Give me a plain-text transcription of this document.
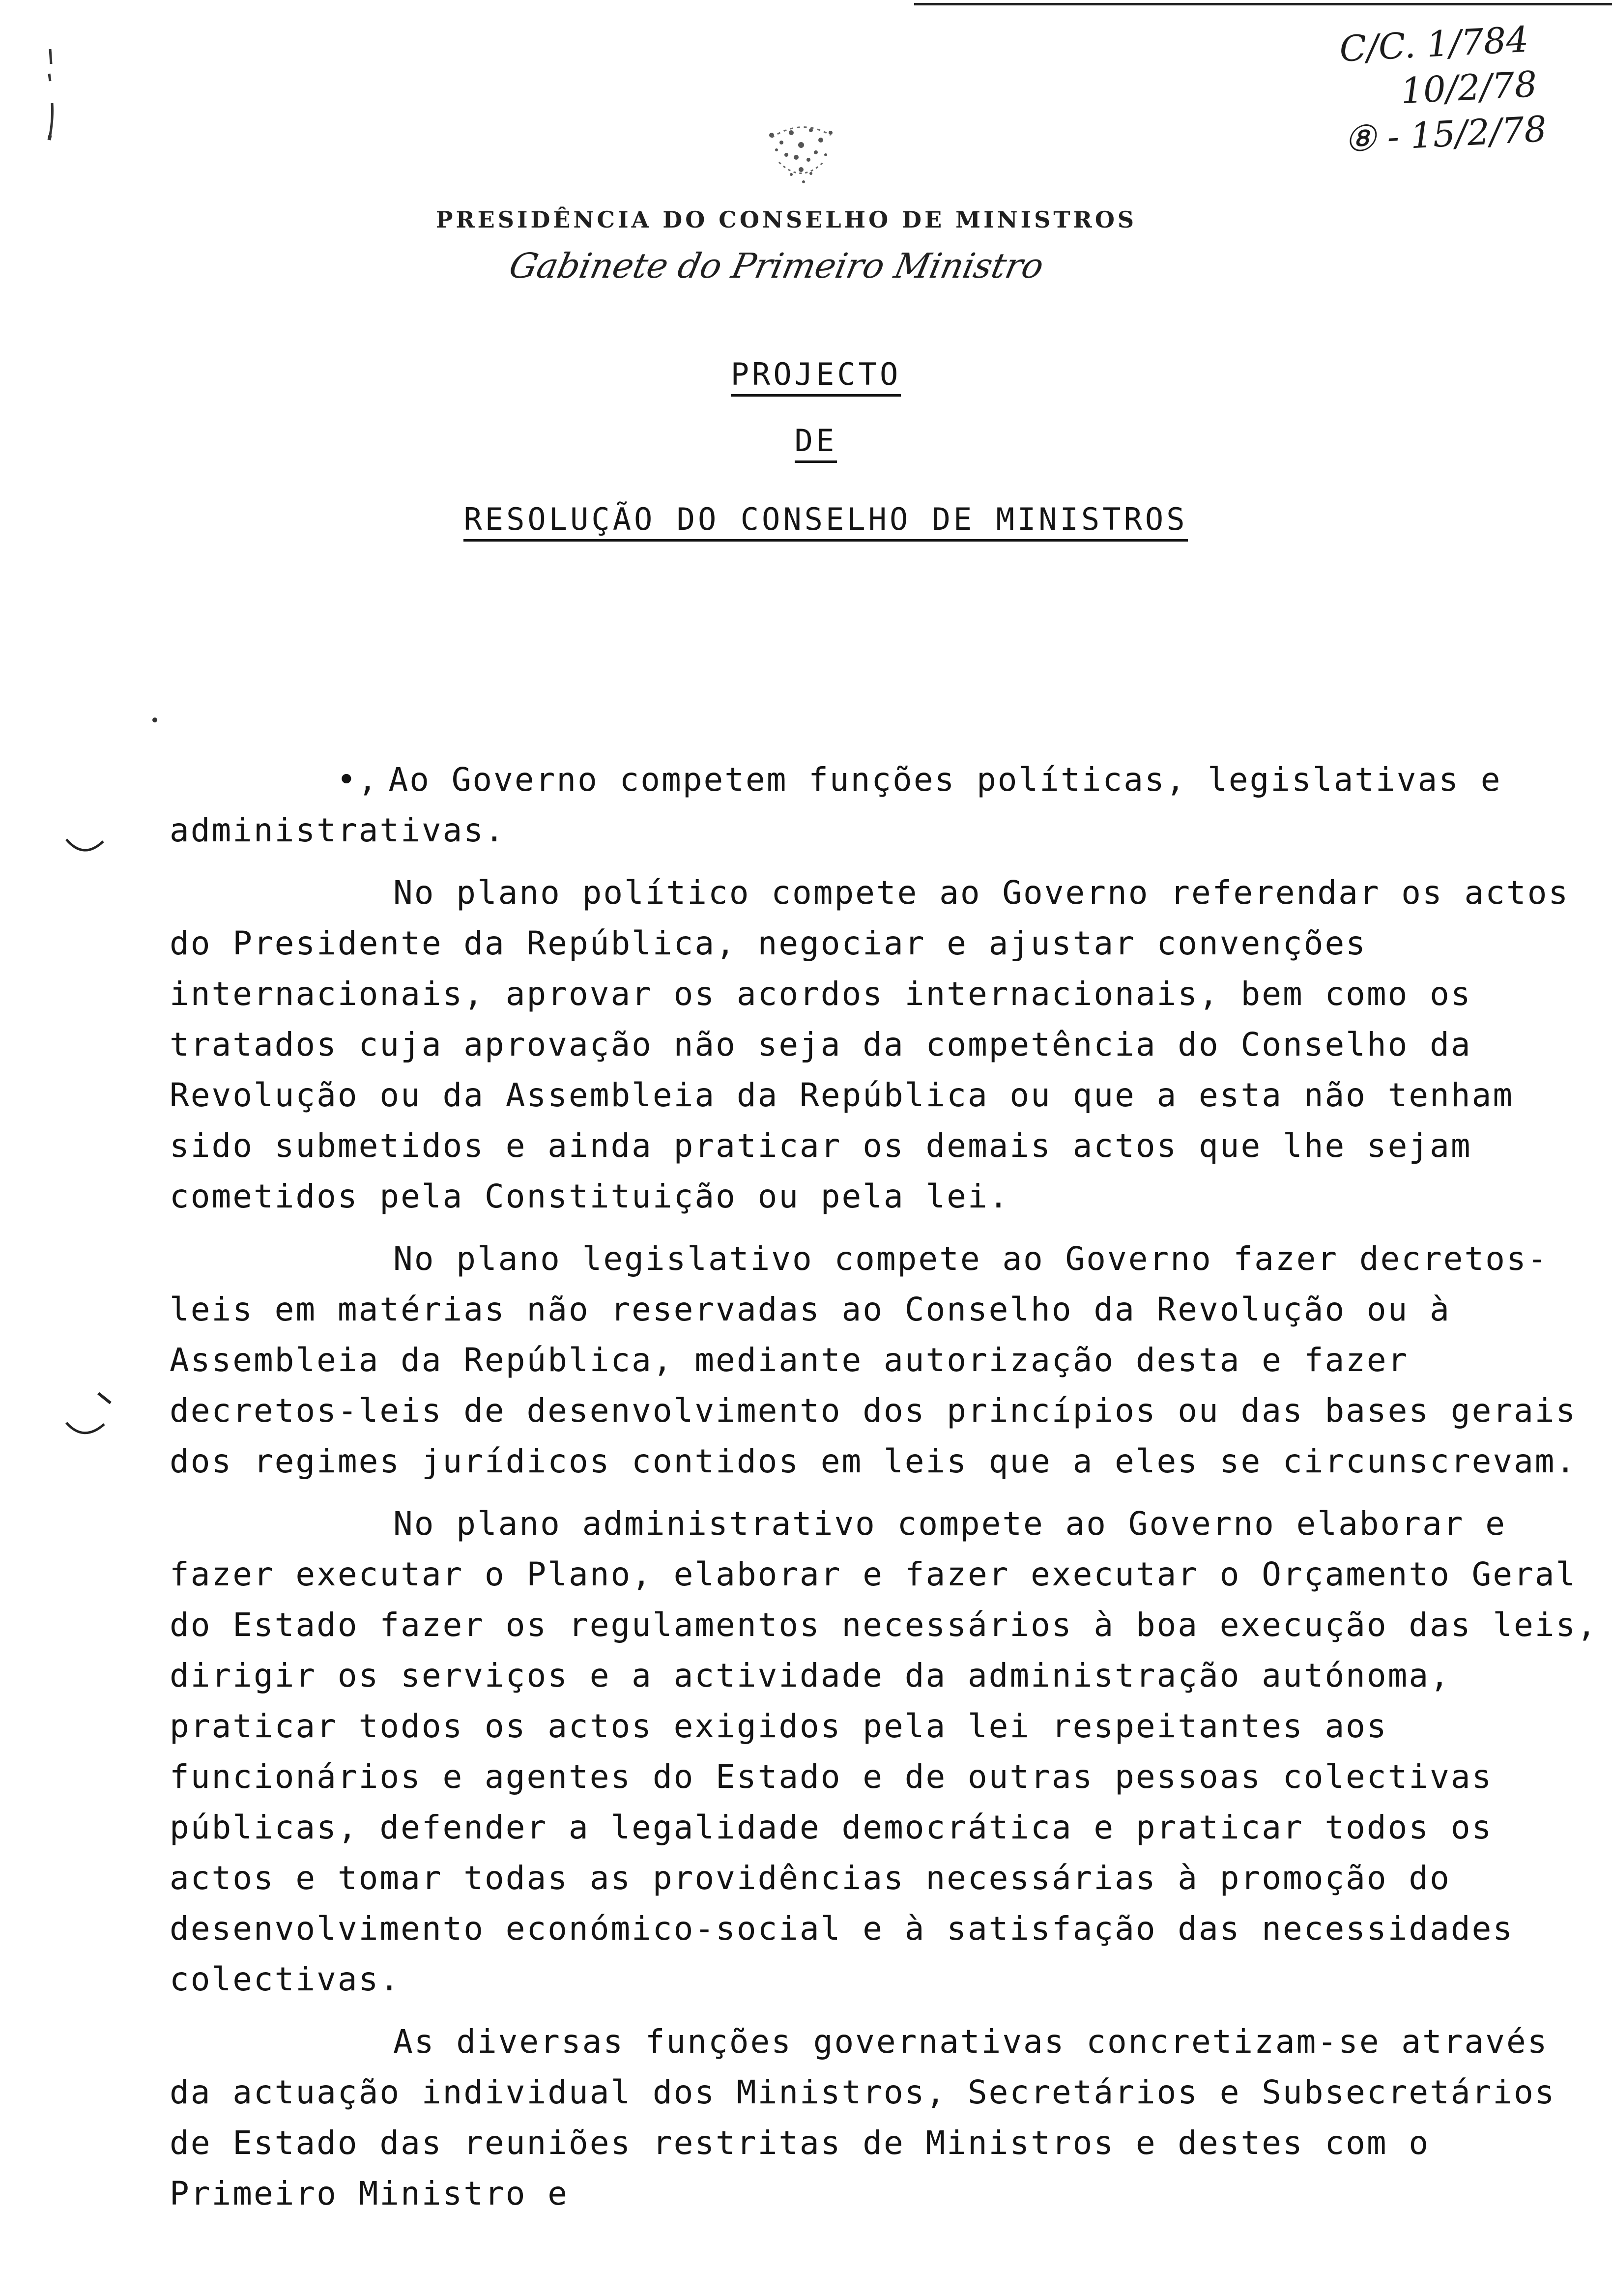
C/C. 1/784
10/2/78
⑧ - 15/2/78
PRESIDÊNCIA DO CONSELHO DE MINISTROS
Gabinete do Primeiro Ministro
PROJECTO
DE
RESOLUÇÃO DO CONSELHO DE MINISTROS

•, Ao Governo competem funções políticas, legislativas e administrativas.

No plano político compete ao Governo referendar os actos do Presidente da República, negociar e ajustar convenções internacionais, aprovar os acordos internacionais, bem como os tratados cuja aprovação não seja da competência do Conselho da Revolução ou da Assembleia da República ou que a esta não tenham sido submetidos e ainda praticar os demais actos que lhe sejam cometidos pela Constituição ou pela lei.

No plano legislativo compete ao Governo fazer decretos-leis em matérias não reservadas ao Conselho da Revolução ou à Assembleia da República, mediante autorização desta e fazer decretos-leis de desenvolvimento dos princípios ou das bases gerais dos regimes jurídicos contidos em leis que a eles se circunscrevam.

No plano administrativo compete ao Governo elaborar e fazer executar o Plano, elaborar e fazer executar o Orçamento Geral do Estado fazer os regulamentos necessários à boa execução das leis, dirigir os serviços e a actividade da administração autónoma, praticar todos os actos exigidos pela lei respeitantes aos funcionários e agentes do Estado e de outras pessoas colectivas públicas, defender a legalidade democrática e praticar todos os actos e tomar todas as providências necessárias à promoção do desenvolvimento económico-social e à satisfação das necessidades colectivas.

As diversas funções governativas concretizam-se através da actuação individual dos Ministros, Secretários e Subsecretários de Estado das reuniões restritas de Ministros e destes com o Primeiro Ministro e
